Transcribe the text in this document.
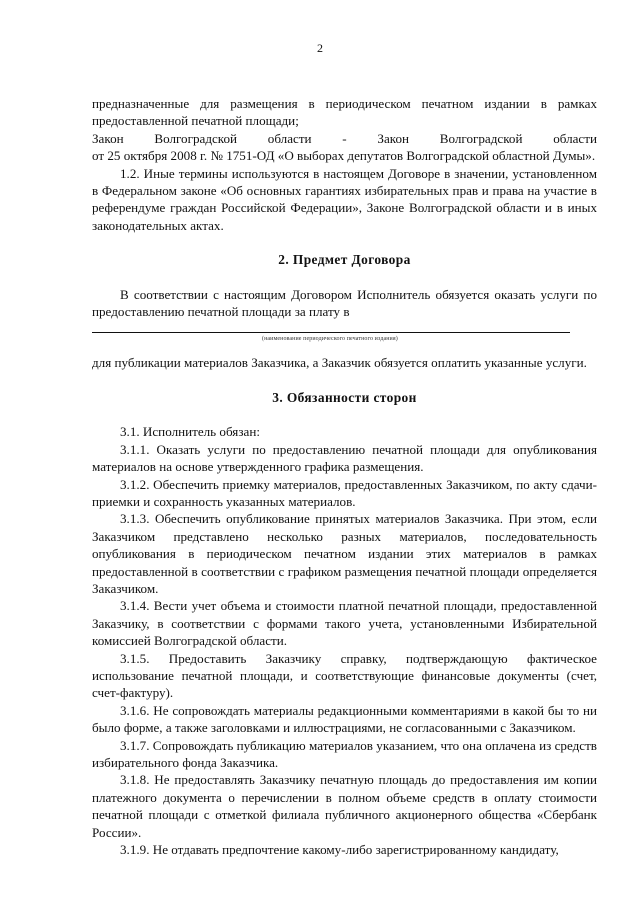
2

предназначенные для размещения в периодическом печатном издании в рамках предоставленной печатной площади;

Закон Волгоградской области - Закон Волгоградской области

от 25 октября 2008 г. № 1751-ОД «О выборах депутатов Волгоградской областной Думы».

1.2. Иные термины используются в настоящем Договоре в значении, установленном в Федеральном законе «Об основных гарантиях избирательных прав и права на участие в референдуме граждан Российской Федерации», Законе Волгоградской области и в иных законодательных актах.

2. Предмет Договора

В соответствии с настоящим Договором Исполнитель обязуется оказать услуги по предоставлению печатной площади за плату в

(наименование периодического печатного издания)

для публикации материалов Заказчика, а Заказчик обязуется оплатить указанные услуги.

3. Обязанности сторон

3.1. Исполнитель обязан:

3.1.1. Оказать услуги по предоставлению печатной площади для опубликования материалов на основе утвержденного графика размещения.

3.1.2. Обеспечить приемку материалов, предоставленных Заказчиком, по акту сдачи-приемки и сохранность указанных материалов.

3.1.3. Обеспечить опубликование принятых материалов Заказчика. При этом, если Заказчиком представлено несколько разных материалов, последовательность опубликования в периодическом печатном издании этих материалов в рамках предоставленной в соответствии с графиком размещения печатной площади определяется Заказчиком.

3.1.4. Вести учет объема и стоимости платной печатной площади, предоставленной Заказчику, в соответствии с формами такого учета, установленными Избирательной комиссией Волгоградской области.

3.1.5. Предоставить Заказчику справку, подтверждающую фактическое использование печатной площади, и соответствующие финансовые документы (счет, счет-фактуру).

3.1.6. Не сопровождать материалы редакционными комментариями в какой бы то ни было форме, а также заголовками и иллюстрациями, не согласованными с Заказчиком.

3.1.7. Сопровождать публикацию материалов указанием, что она оплачена из средств избирательного фонда Заказчика.

3.1.8. Не предоставлять Заказчику печатную площадь до предоставления им копии платежного документа о перечислении в полном объеме средств в оплату стоимости печатной площади с отметкой филиала публичного акционерного общества «Сбербанк России».

3.1.9. Не отдавать предпочтение какому-либо зарегистрированному кандидату,
